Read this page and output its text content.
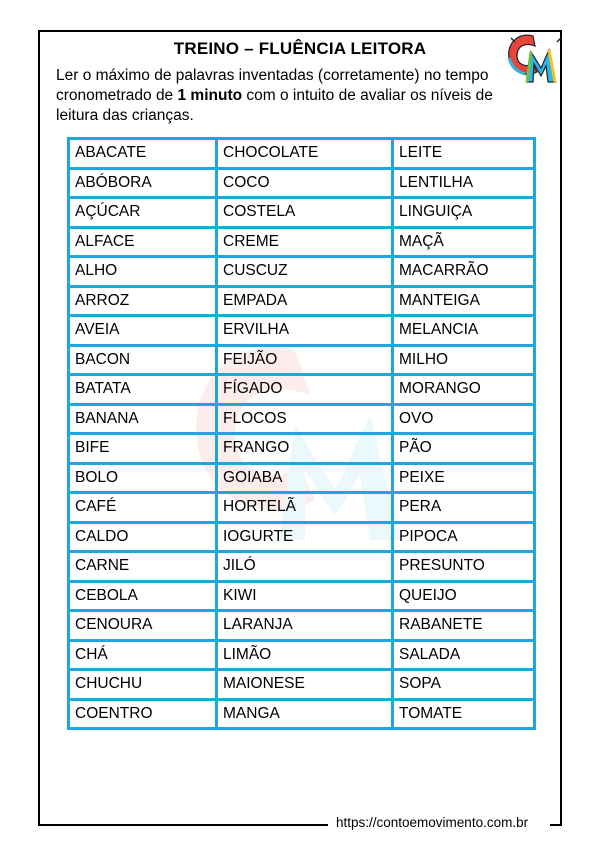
TREINO – FLUÊNCIA LEITORA
Ler o máximo de palavras inventadas (corretamente) no tempo cronometrado de 1 minuto com o intuito de avaliar os níveis de leitura das crianças.
ABACATE	CHOCOLATE	LEITE
ABÓBORA	COCO	LENTILHA
AÇÚCAR	COSTELA	LINGUIÇA
ALFACE	CREME	MAÇÃ
ALHO	CUSCUZ	MACARRÃO
ARROZ	EMPADA	MANTEIGA
AVEIA	ERVILHA	MELANCIA
BACON	FEIJÃO	MILHO
BATATA	FÍGADO	MORANGO
BANANA	FLOCOS	OVO
BIFE	FRANGO	PÃO
BOLO	GOIABA	PEIXE
CAFÉ	HORTELÃ	PERA
CALDO	IOGURTE	PIPOCA
CARNE	JILÓ	PRESUNTO
CEBOLA	KIWI	QUEIJO
CENOURA	LARANJA	RABANETE
CHÁ	LIMÃO	SALADA
CHUCHU	MAIONESE	SOPA
COENTRO	MANGA	TOMATE
https://contoemovimento.com.br
